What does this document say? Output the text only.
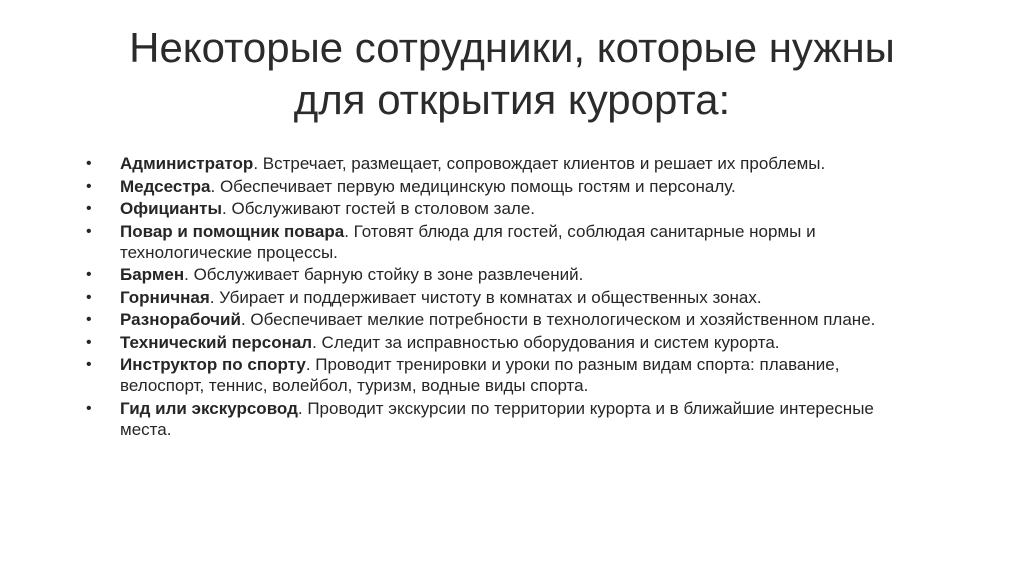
Некоторые сотрудники, которые нужны
для открытия курорта:
• Администратор. Встречает, размещает, сопровождает клиентов и решает их проблемы.
• Медсестра. Обеспечивает первую медицинскую помощь гостям и персоналу.
• Официанты. Обслуживают гостей в столовом зале.
• Повар и помощник повара. Готовят блюда для гостей, соблюдая санитарные нормы и технологические процессы.
• Бармен. Обслуживает барную стойку в зоне развлечений.
• Горничная. Убирает и поддерживает чистоту в комнатах и общественных зонах.
• Разнорабочий. Обеспечивает мелкие потребности в технологическом и хозяйственном плане.
• Технический персонал. Следит за исправностью оборудования и систем курорта.
• Инструктор по спорту. Проводит тренировки и уроки по разным видам спорта: плавание, велоспорт, теннис, волейбол, туризм, водные виды спорта.
• Гид или экскурсовод. Проводит экскурсии по территории курорта и в ближайшие интересные места.
